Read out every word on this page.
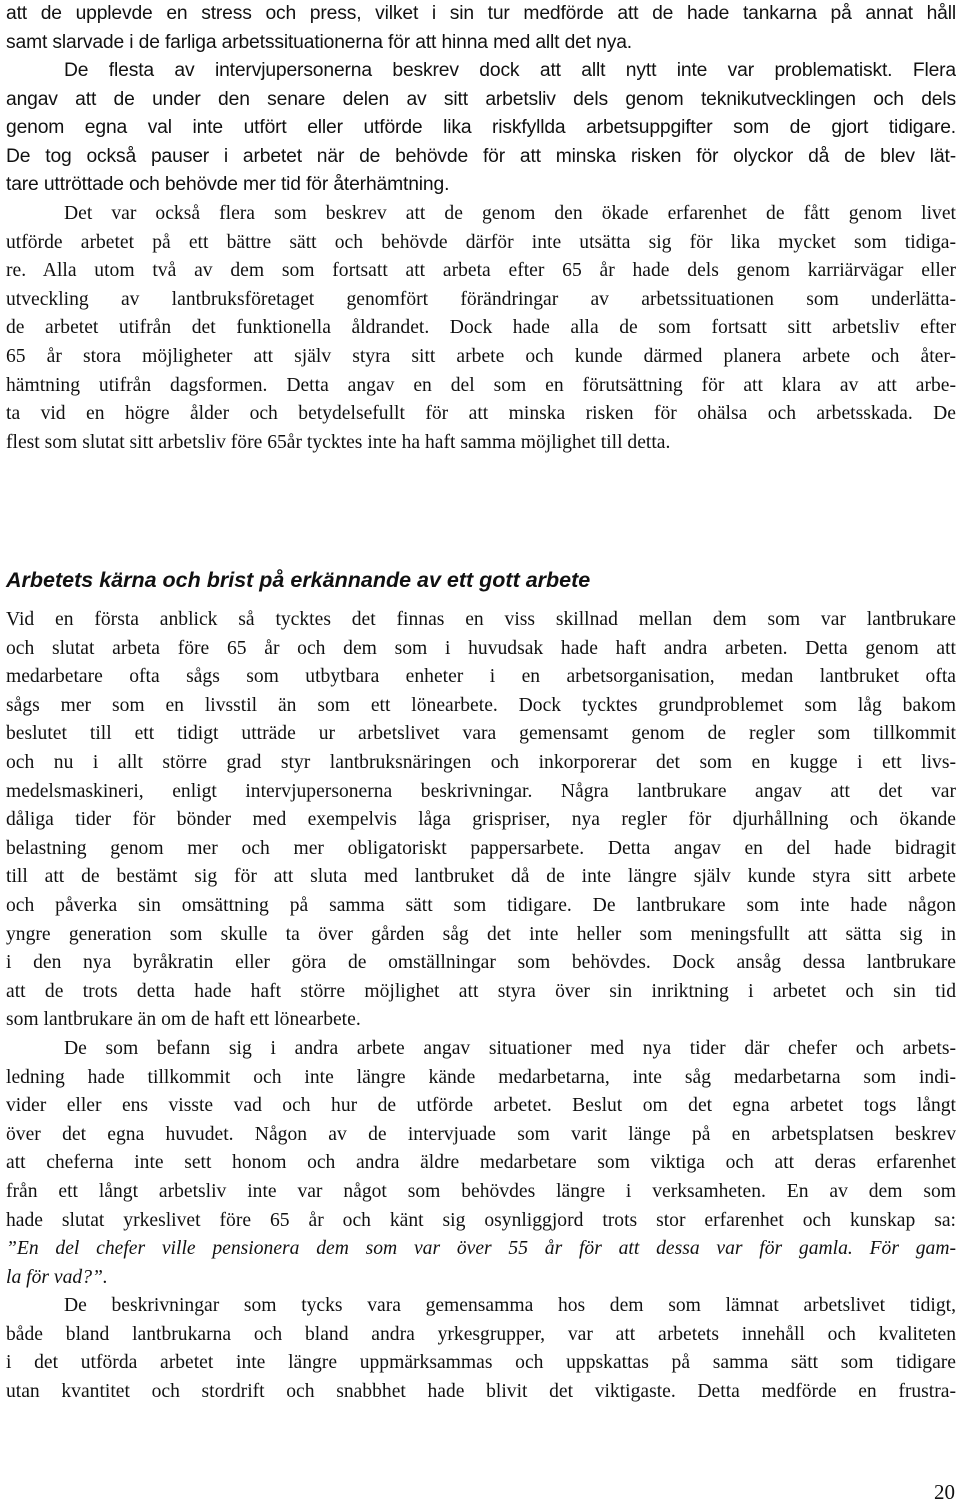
att de upplevde en stress och press, vilket i sin tur medförde att de hade tankarna på annat håll
samt slarvade i de farliga arbetssituationerna för att hinna med allt det nya.
De flesta av intervjupersonerna beskrev dock att allt nytt inte var problematiskt. Flera
angav att de under den senare delen av sitt arbetsliv dels genom teknikutvecklingen och dels
genom egna val inte utfört eller utförde lika riskfyllda arbetsuppgifter som de gjort tidigare.
De tog också pauser i arbetet när de behövde för att minska risken för olyckor då de blev lät-
tare uttröttade och behövde mer tid för återhämtning.
Det var också flera som beskrev att de genom den ökade erfarenhet de fått genom livet
utförde arbetet på ett bättre sätt och behövde därför inte utsätta sig för lika mycket som tidiga-
re. Alla utom två av dem som fortsatt att arbeta efter 65 år hade dels genom karriärvägar eller
utveckling av lantbruksföretaget genomfört förändringar av arbetssituationen som underlätta-
de arbetet utifrån det funktionella åldrandet. Dock hade alla de som fortsatt sitt arbetsliv efter
65 år stora möjligheter att själv styra sitt arbete och kunde därmed planera arbete och åter-
hämtning utifrån dagsformen. Detta angav en del som en förutsättning för att klara av att arbe-
ta vid en högre ålder och betydelsefullt för att minska risken för ohälsa och arbetsskada. De
flest som slutat sitt arbetsliv före 65år tycktes inte ha haft samma möjlighet till detta.
Arbetets kärna och brist på erkännande av ett gott arbete
Vid en första anblick så tycktes det finnas en viss skillnad mellan dem som var lantbrukare
och slutat arbeta före 65 år och dem som i huvudsak hade haft andra arbeten. Detta genom att
medarbetare ofta sågs som utbytbara enheter i en arbetsorganisation, medan lantbruket ofta
sågs mer som en livsstil än som ett lönearbete. Dock tycktes grundproblemet som låg bakom
beslutet till ett tidigt utträde ur arbetslivet vara gemensamt genom de regler som tillkommit
och nu i allt större grad styr lantbruksnäringen och inkorporerar det som en kugge i ett livs-
medelsmaskineri, enligt intervjupersonerna beskrivningar. Några lantbrukare angav att det var
dåliga tider för bönder med exempelvis låga grispriser, nya regler för djurhållning och ökande
belastning genom mer och mer obligatoriskt pappersarbete. Detta angav en del hade bidragit
till att de bestämt sig för att sluta med lantbruket då de inte längre själv kunde styra sitt arbete
och påverka sin omsättning på samma sätt som tidigare. De lantbrukare som inte hade någon
yngre generation som skulle ta över gården såg det inte heller som meningsfullt att sätta sig in
i den nya byråkratin eller göra de omställningar som behövdes. Dock ansåg dessa lantbrukare
att de trots detta hade haft större möjlighet att styra över sin inriktning i arbetet och sin tid
som lantbrukare än om de haft ett lönearbete.
De som befann sig i andra arbete angav situationer med nya tider där chefer och arbets-
ledning hade tillkommit och inte längre kände medarbetarna, inte såg medarbetarna som indi-
vider eller ens visste vad och hur de utförde arbetet. Beslut om det egna arbetet togs långt
över det egna huvudet. Någon av de intervjuade som varit länge på en arbetsplatsen beskrev
att cheferna inte sett honom och andra äldre medarbetare som viktiga och att deras erfarenhet
från ett långt arbetsliv inte var något som behövdes längre i verksamheten. En av dem som
hade slutat yrkeslivet före 65 år och känt sig osynliggjord trots stor erfarenhet och kunskap sa:
”En del chefer ville pensionera dem som var över 55 år för att dessa var för gamla. För gam-
la för vad?”.
De beskrivningar som tycks vara gemensamma hos dem som lämnat arbetslivet tidigt,
både bland lantbrukarna och bland andra yrkesgrupper, var att arbetets innehåll och kvaliteten
i det utförda arbetet inte längre uppmärksammas och uppskattas på samma sätt som tidigare
utan kvantitet och stordrift och snabbhet hade blivit det viktigaste. Detta medförde en frustra-
20
